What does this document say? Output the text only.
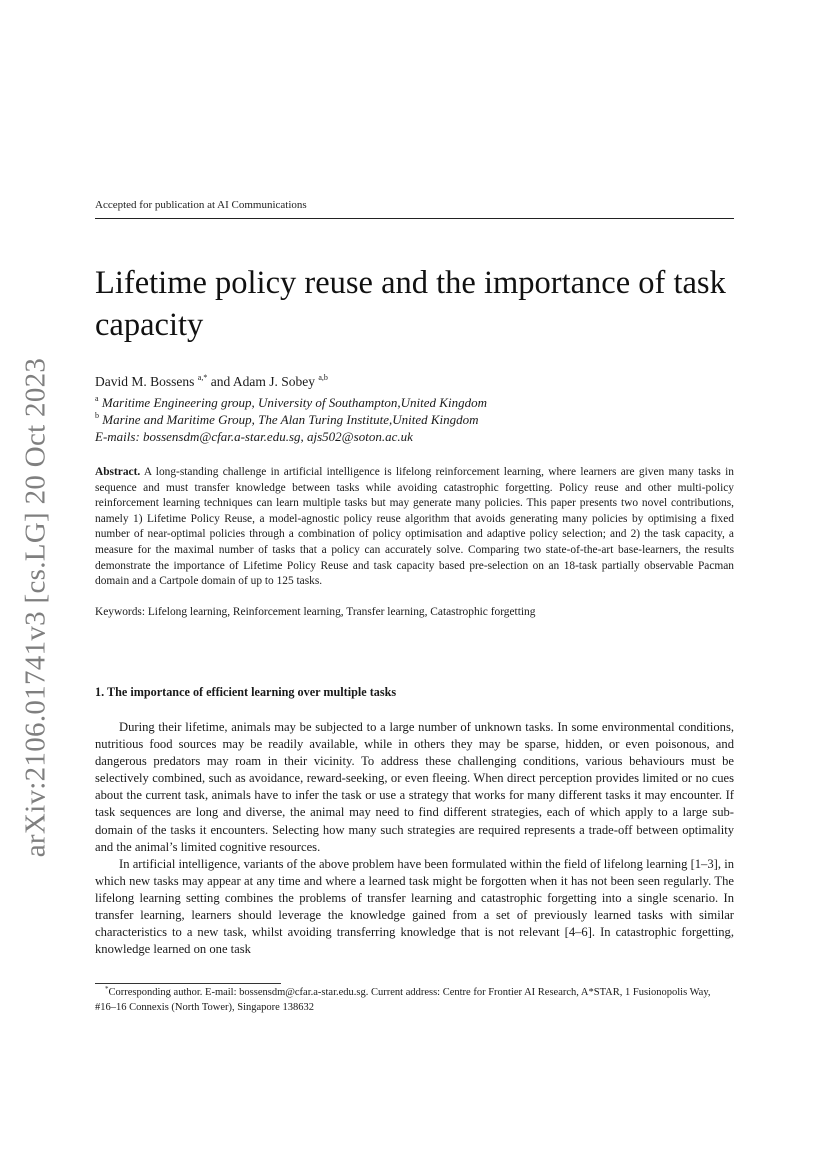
arXiv:2106.01741v3 [cs.LG] 20 Oct 2023
Accepted for publication at AI Communications
Lifetime policy reuse and the importance of task capacity
David M. Bossens $^{a,*}$ and Adam J. Sobey $^{a,b}$
$^a$ Maritime Engineering group, University of Southampton,United Kingdom
$^b$ Marine and Maritime Group, The Alan Turing Institute,United Kingdom
E-mails: bossensdm@cfar.a-star.edu.sg, ajs502@soton.ac.uk

Abstract. A long-standing challenge in artificial intelligence is lifelong reinforcement learning, where learners are given many tasks in sequence and must transfer knowledge between tasks while avoiding catastrophic forgetting. Policy reuse and other multi-policy reinforcement learning techniques can learn multiple tasks but may generate many policies. This paper presents two novel contributions, namely 1) Lifetime Policy Reuse, a model-agnostic policy reuse algorithm that avoids generating many policies by optimising a fixed number of near-optimal policies through a combination of policy optimisation and adaptive policy selection; and 2) the task capacity, a measure for the maximal number of tasks that a policy can accurately solve. Comparing two state-of-the-art base-learners, the results demonstrate the importance of Lifetime Policy Reuse and task capacity based pre-selection on an 18-task partially observable Pacman domain and a Cartpole domain of up to 125 tasks.

Keywords: Lifelong learning, Reinforcement learning, Transfer learning, Catastrophic forgetting
1. The importance of efficient learning over multiple tasks

During their lifetime, animals may be subjected to a large number of unknown tasks. In some environmental conditions, nutritious food sources may be readily available, while in others they may be sparse, hidden, or even poisonous, and dangerous predators may roam in their vicinity. To address these challenging conditions, various behaviours must be selectively combined, such as avoidance, reward-seeking, or even fleeing. When direct perception provides limited or no cues about the current task, animals have to infer the task or use a strategy that works for many different tasks it may encounter. If task sequences are long and diverse, the animal may need to find different strategies, each of which apply to a large sub-domain of the tasks it encounters. Selecting how many such strategies are required represents a trade-off between optimality and the animal’s limited cognitive resources.

In artificial intelligence, variants of the above problem have been formulated within the field of lifelong learning [1–3], in which new tasks may appear at any time and where a learned task might be forgotten when it has not been seen regularly. The lifelong learning setting combines the problems of transfer learning and catastrophic forgetting into a single scenario. In transfer learning, learners should leverage the knowledge gained from a set of previously learned tasks with similar characteristics to a new task, whilst avoiding transferring knowledge that is not relevant [4–6]. In catastrophic forgetting, knowledge learned on one task

*Corresponding author. E-mail: bossensdm@cfar.a-star.edu.sg. Current address: Centre for Frontier AI Research, A*STAR, 1 Fusionopolis Way, #16–16 Connexis (North Tower), Singapore 138632
